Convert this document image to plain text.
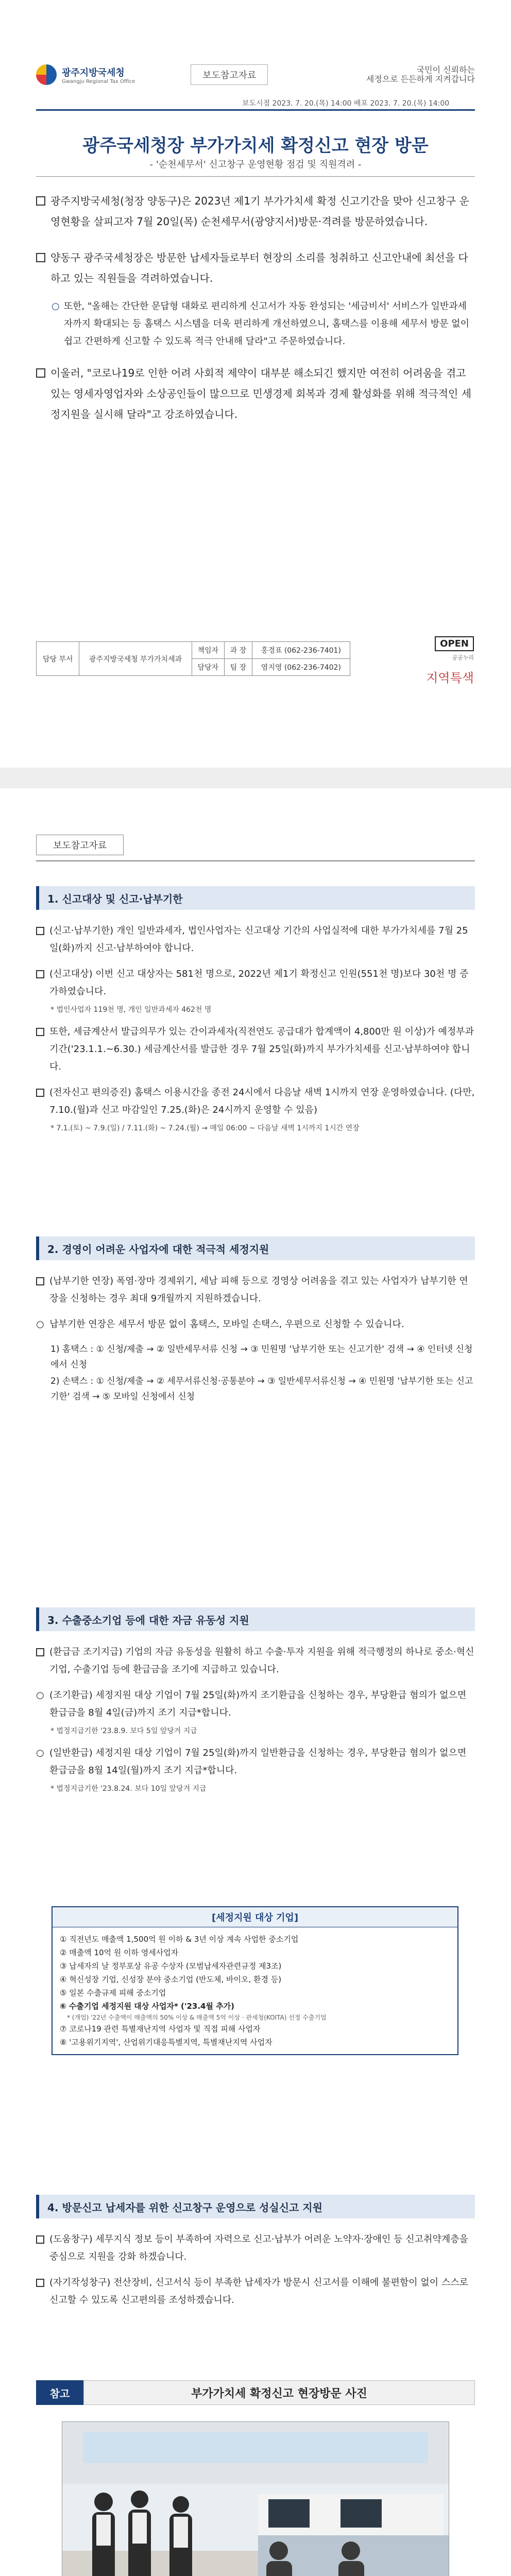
광주지방국세청
Gwangju Regional Tax Office
보도참고자료
국민이 신뢰하는
세정으로 든든하게 지켜갑니다
보도시점 2023. 7. 20.(목) 14:00 배포 2023. 7. 20.(목) 14:00
광주국세청장 부가가치세 확정신고 현장 방문
- '순천세무서' 신고창구 운영현황 점검 및 직원격려 -
광주지방국세청(청장 양동구)은 2023년 제1기 부가가치세 확정 신고기간을 맞아 신고창구 운영현황을 살피고자 7월 20일(목) 순천세무서(광양지서)방문·격려를 방문하였습니다.
양동구 광주국세청장은 방문한 납세자들로부터 현장의 소리를 청취하고 신고안내에 최선을 다하고 있는 직원들을 격려하였습니다.
○ 또한, "올해는 간단한 문답형 대화로 편리하게 신고서가 자동 완성되는 '세금비서' 서비스가 일반과세자까지 확대되는 등 홈택스 시스템을 더욱 편리하게 개선하였으니, 홈택스를 이용해 세무서 방문 없이 쉽고 간편하게 신고할 수 있도록 적극 안내해 달라"고 주문하였습니다.
이울러, "코로나19로 인한 어려 사회적 제약이 대부분 해소되긴 했지만 여전히 어려움을 겪고 있는 영세자영업자와 소상공인들이 많으므로 민생경제 회복과 경제 활성화를 위해 적극적인 세정지원을 실시해 달라"고 강조하였습니다.
담당 부서	광주지방국세청 부가가치세과	책임자	과 장	홍경표 (062-236-7401)
		담당자	팀 장	염지영 (062-236-7402)
OPEN
공공누리
지역특색
보도참고자료
1. 신고대상 및 신고·납부기한
(신고·납부기한) 개인 일반과세자, 법인사업자는 신고대상 기간의 사업실적에 대한 부가가치세를 7월 25일(화)까지 신고·납부하여야 합니다.
(신고대상) 이번 신고 대상자는 581천 명으로, 2022년 제1기 확정신고 인원(551천 명)보다 30천 명 증가하였습니다.
* 법인사업자 119천 명, 개인 일반과세자 462천 명
또한, 세금계산서 발급의무가 있는 간이과세자(직전연도 공급대가 합계액이 4,800만 원 이상)가 예정부과기간('23.1.1.~6.30.) 세금계산서를 발급한 경우 7월 25일(화)까지 부가가치세를 신고·납부하여야 합니다.
(전자신고 편의증진) 홈택스 이용시간을 종전 24시에서 다음날 새벽 1시까지 연장 운영하였습니다. (다만, 7.10.(월)과 신고 마감일인 7.25.(화)은 24시까지 운영할 수 있음)
* 7.1.(토) ~ 7.9.(일) / 7.11.(화) ~ 7.24.(월) → 매일 06:00 ~ 다음날 새벽 1시까지 1시간 연장
2. 경영이 어려운 사업자에 대한 적극적 세정지원
(납부기한 연장) 폭염·장마 경제위기, 세남 피해 등으로 경영상 어려움을 겪고 있는 사업자가 납부기한 연장을 신청하는 경우 최대 9개월까지 지원하겠습니다.
○ 납부기한 연장은 세무서 방문 없이 홈택스, 모바일 손택스, 우편으로 신청할 수 있습니다.
1) 홈택스 : ① 신청/제출 → ② 일반세무서류 신청 → ③ 민원명 '납부기한 또는 신고기한' 검색 → ④ 인터넷 신청에서 신청
2) 손택스 : ① 신청/제출 → ② 세무서류신청·공통분야 → ③ 일반세무서류신청 → ④ 민원명 '납부기한 또는 신고기한' 검색 → ⑤ 모바일 신청에서 신청
3. 수출중소기업 등에 대한 자금 유동성 지원
(환급금 조기지급) 기업의 자금 유동성을 원활히 하고 수출·투자 지원을 위해 적극행정의 하나로 중소·혁신기업, 수출기업 등에 환급금을 조기에 지급하고 있습니다.
○ (조기환급) 세정지원 대상 기업이 7월 25일(화)까지 조기환급을 신청하는 경우, 부당환급 혐의가 없으면 환급금을 8월 4일(금)까지 조기 지급*합니다.
* 법정지급기한 '23.8.9. 보다 5일 앞당겨 지급
○ (일반환급) 세정지원 대상 기업이 7월 25일(화)까지 일반환급을 신청하는 경우, 부당환급 혐의가 없으면 환급금을 8월 14일(월)까지 조기 지급*합니다.
* 법정지급기한 '23.8.24. 보다 10일 앞당겨 지급
[세정지원 대상 기업]
① 직전년도 매출액 1,500억 원 이하 & 3년 이상 계속 사업한 중소기업
② 매출액 10억 원 이하 영세사업자
③ 납세자의 날 정부포상 유공 수상자 (모범납세자관련규정 제3조)
④ 혁신성장 기업, 신성장 분야 중소기업 (반도체, 바이오, 환경 등)
⑤ 일본 수출규제 피해 중소기업
⑥ 수출기업 세정지원 대상 사업자* ('23.4월 추가)
* (개업) '22년 수출액이 매출액의 50% 이상 & 매출액 5억 이상 · 관세청(KOITA) 선정 수출기업
⑦ 코로나19 관련 특별재난지역 사업자 및 직접 피해 사업자
⑧ '고용위기지역', 산업위기대응특별지역, 특별재난지역 사업자
4. 방문신고 납세자를 위한 신고창구 운영으로 성실신고 지원
(도움창구) 세무지식 정보 등이 부족하여 자력으로 신고·납부가 어려운 노약자·장애인 등 신고취약계층을 중심으로 지원을 강화 하겠습니다.
(자기작성창구) 전산장비, 신고서식 등이 부족한 납세자가 방문시 신고서를 이해에 불편함이 없이 스스로 신고할 수 있도록 신고편의를 조성하겠습니다.
참고	부가가치세 확정신고 현장방문 사진
